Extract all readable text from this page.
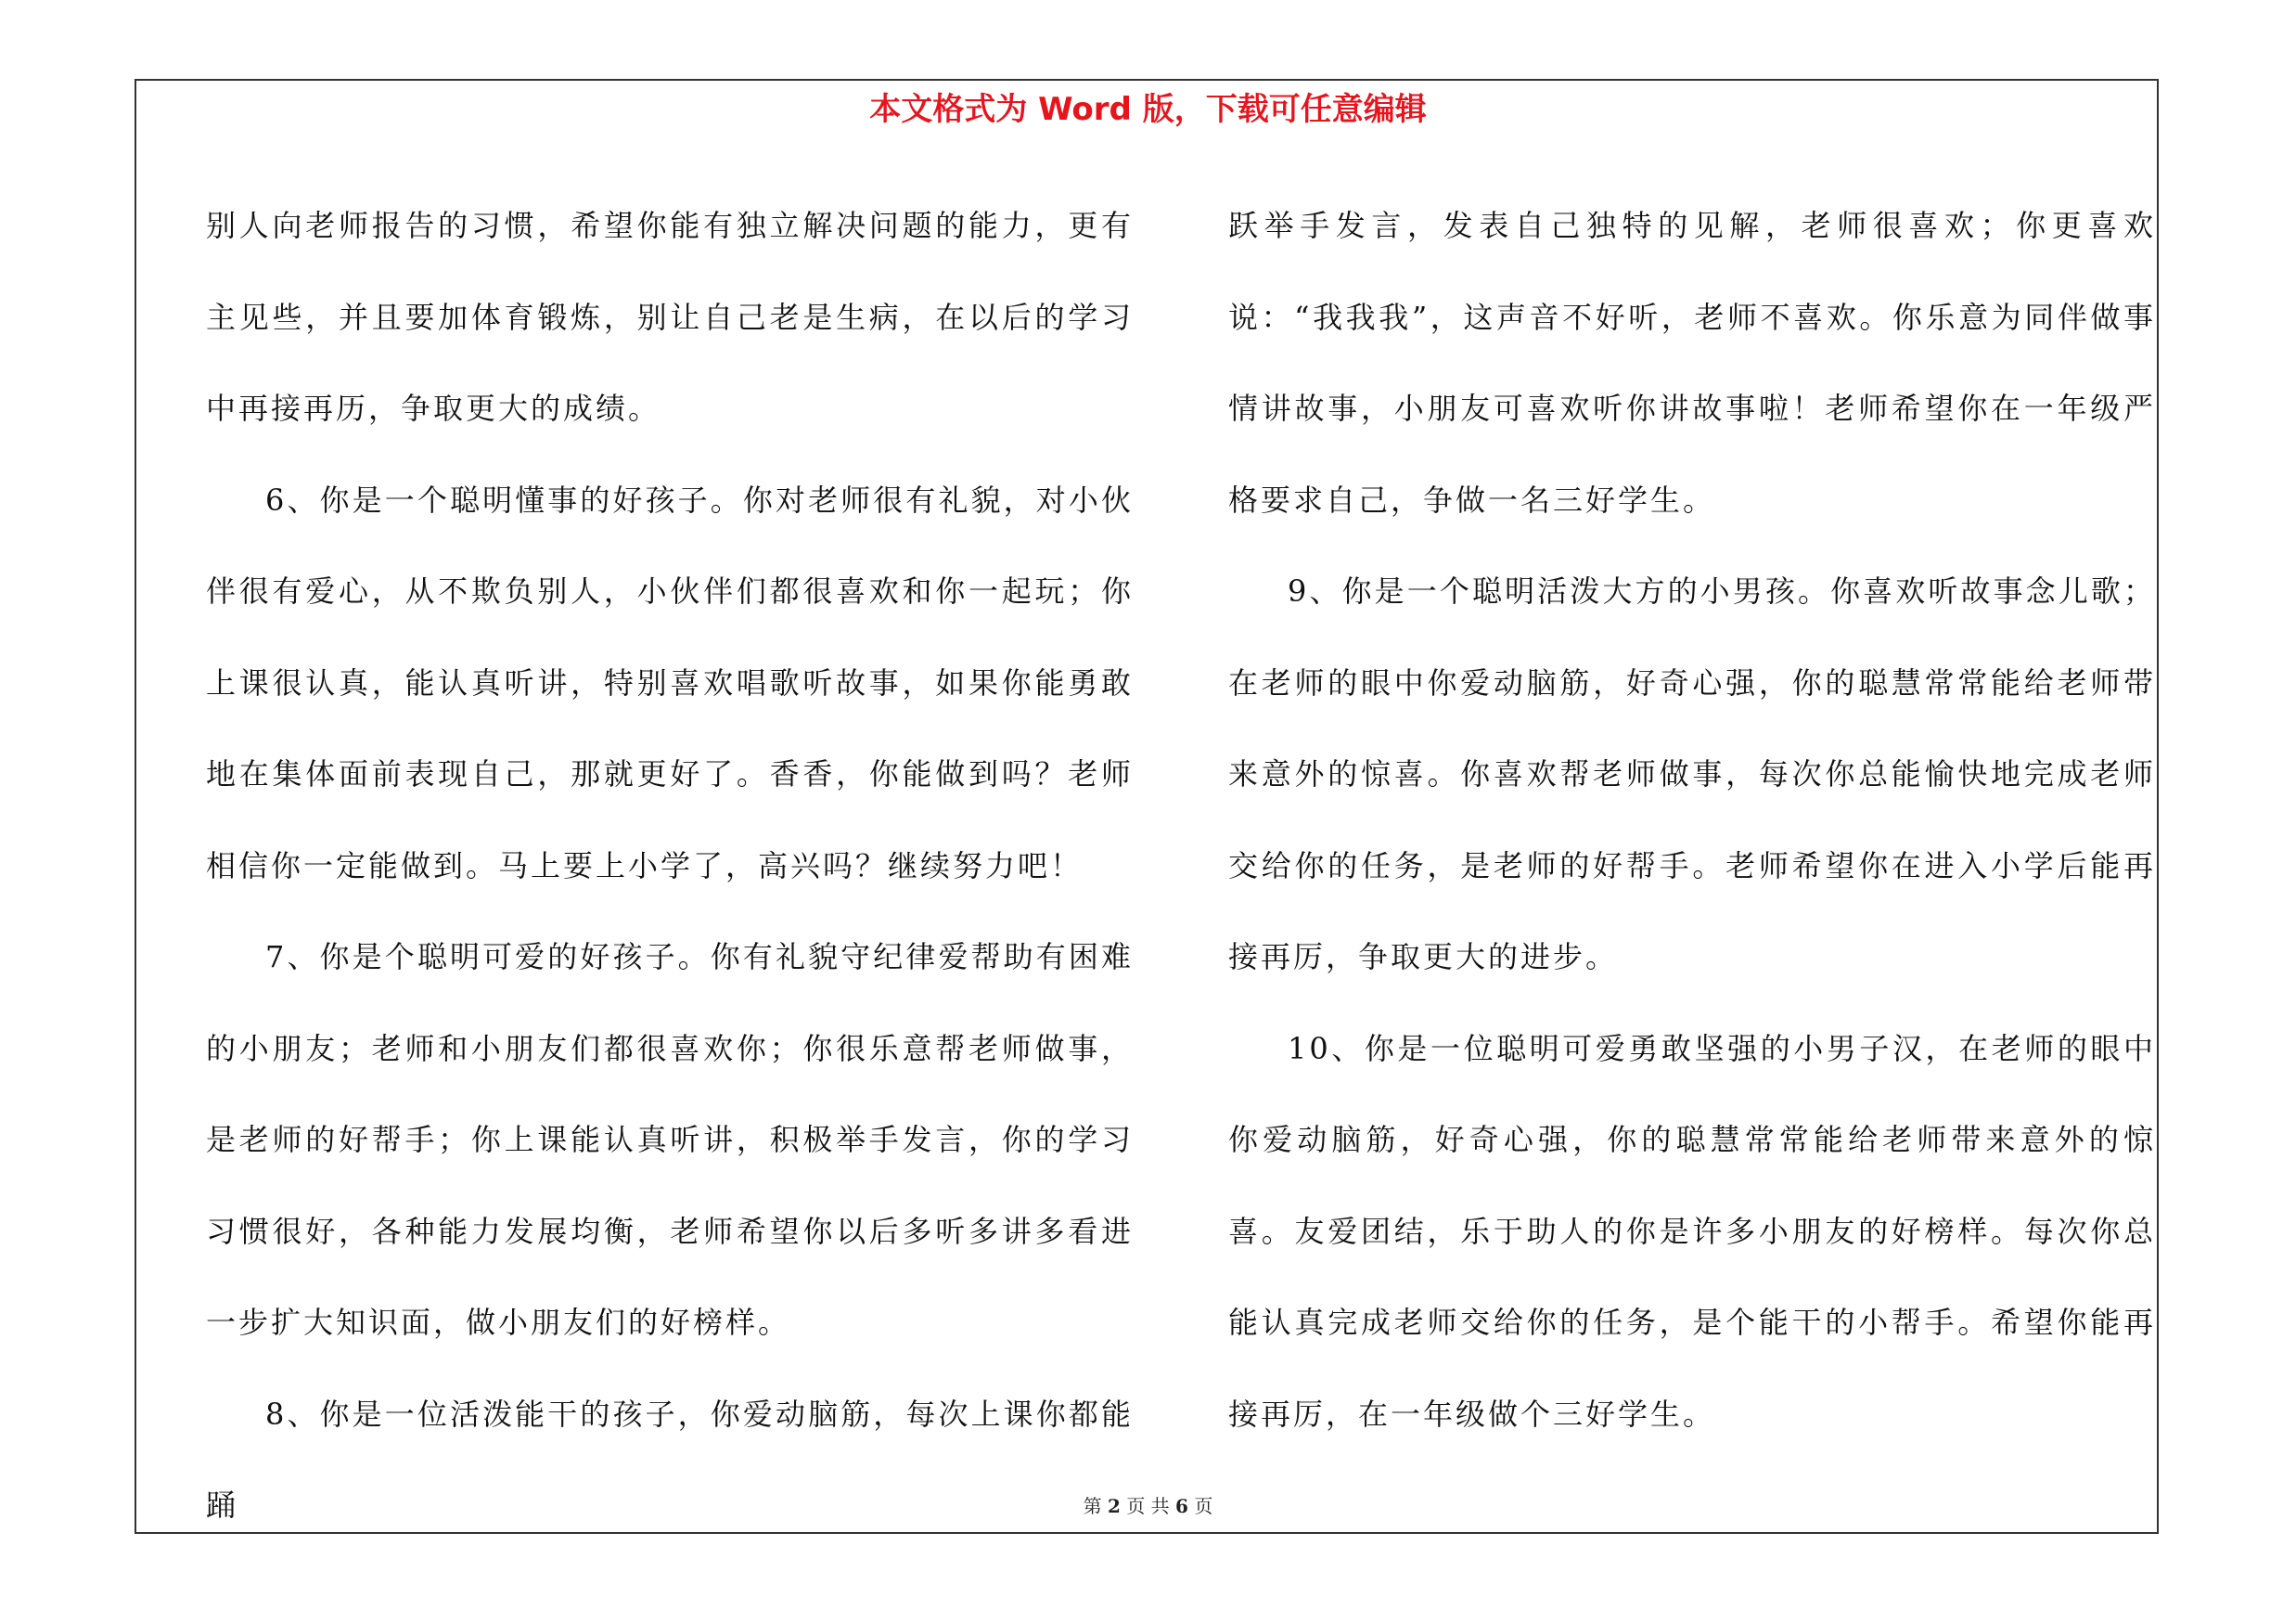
本文格式为 Word 版，下载可任意编辑

别人向老师报告的习惯，希望你能有独立解决问题的能力，更有主见些，并且要加体育锻炼，别让自己老是生病，在以后的学习中再接再历，争取更大的成绩。

6、你是一个聪明懂事的好孩子。你对老师很有礼貌，对小伙伴很有爱心，从不欺负别人，小伙伴们都很喜欢和你一起玩；你上课很认真，能认真听讲，特别喜欢唱歌听故事，如果你能勇敢地在集体面前表现自己，那就更好了。香香，你能做到吗？老师相信你一定能做到。马上要上小学了，高兴吗？继续努力吧！

7、你是个聪明可爱的好孩子。你有礼貌守纪律爱帮助有困难的小朋友；老师和小朋友们都很喜欢你；你很乐意帮老师做事，是老师的好帮手；你上课能认真听讲，积极举手发言，你的学习习惯很好，各种能力发展均衡，老师希望你以后多听多讲多看进一步扩大知识面，做小朋友们的好榜样。

8、你是一位活泼能干的孩子，你爱动脑筋，每次上课你都能踊

跃举手发言，发表自己独特的见解，老师很喜欢；你更喜欢说：“我我我”，这声音不好听，老师不喜欢。你乐意为同伴做事情讲故事，小朋友可喜欢听你讲故事啦！老师希望你在一年级严格要求自己，争做一名三好学生。

9、你是一个聪明活泼大方的小男孩。你喜欢听故事念儿歌；在老师的眼中你爱动脑筋，好奇心强，你的聪慧常常能给老师带来意外的惊喜。你喜欢帮老师做事，每次你总能愉快地完成老师交给你的任务，是老师的好帮手。老师希望你在进入小学后能再接再厉，争取更大的进步。

10、你是一位聪明可爱勇敢坚强的小男子汉，在老师的眼中你爱动脑筋，好奇心强，你的聪慧常常能给老师带来意外的惊喜。友爱团结，乐于助人的你是许多小朋友的好榜样。每次你总能认真完成老师交给你的任务，是个能干的小帮手。希望你能再接再厉，在一年级做个三好学生。

第 2 页 共 6 页
